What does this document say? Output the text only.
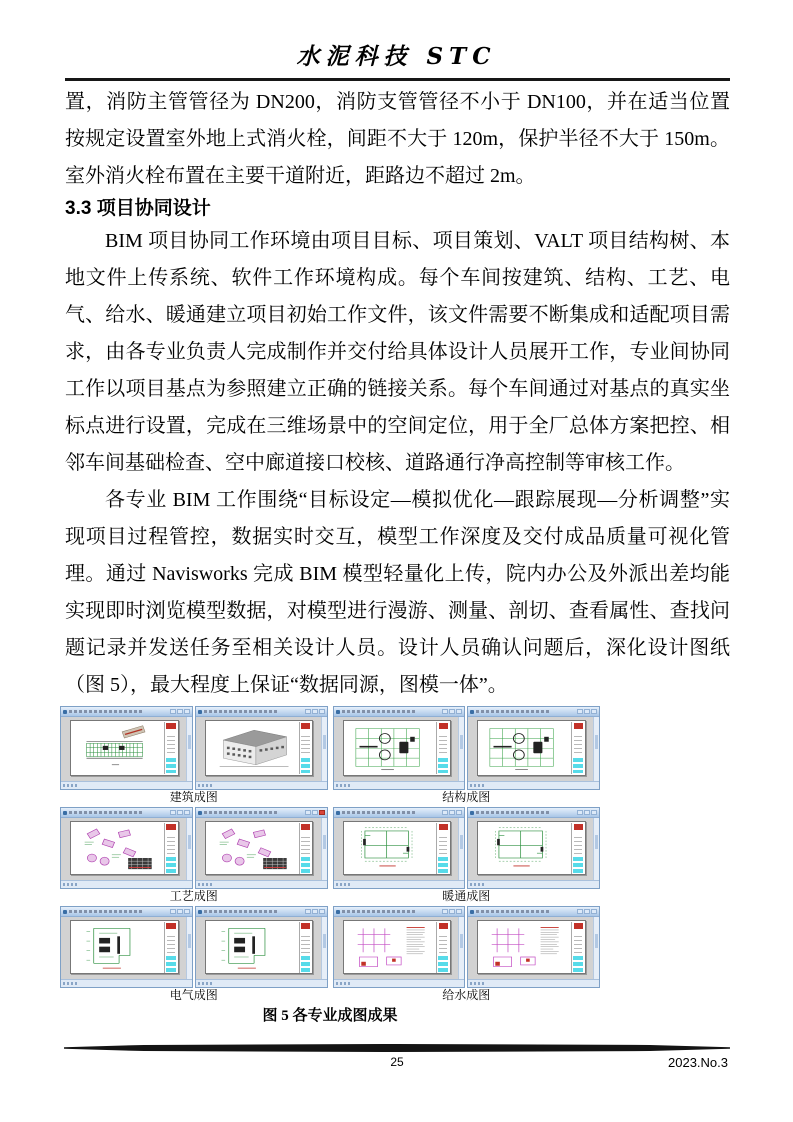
水泥科技 STC

置，消防主管管径为 DN200，消防支管管径不小于 DN100，并在适当位置按规定设置室外地上式消火栓，间距不大于 120m，保护半径不大于 150m。室外消火栓布置在主要干道附近，距路边不超过 2m。

3.3 项目协同设计

BIM 项目协同工作环境由项目目标、项目策划、VALT 项目结构树、本地文件上传系统、软件工作环境构成。每个车间按建筑、结构、工艺、电气、给水、暖通建立项目初始工作文件，该文件需要不断集成和适配项目需求，由各专业负责人完成制作并交付给具体设计人员展开工作，专业间协同工作以项目基点为参照建立正确的链接关系。每个车间通过对基点的真实坐标点进行设置，完成在三维场景中的空间定位，用于全厂总体方案把控、相邻车间基础检查、空中廊道接口校核、道路通行净高控制等审核工作。

各专业 BIM 工作围绕“目标设定—模拟优化—跟踪展现—分析调整”实现项目过程管控，数据实时交互，模型工作深度及交付成品质量可视化管理。通过 Navisworks 完成 BIM 模型轻量化上传，院内办公及外派出差均能实现即时浏览模型数据，对模型进行漫游、测量、剖切、查看属性、查找问题记录并发送任务至相关设计人员。设计人员确认问题后，深化设计图纸（图 5），最大程度上保证“数据同源，图模一体”。

建筑成图	结构成图
工艺成图	暖通成图
电气成图	给水成图
图 5 各专业成图成果
25	2023.No.3
